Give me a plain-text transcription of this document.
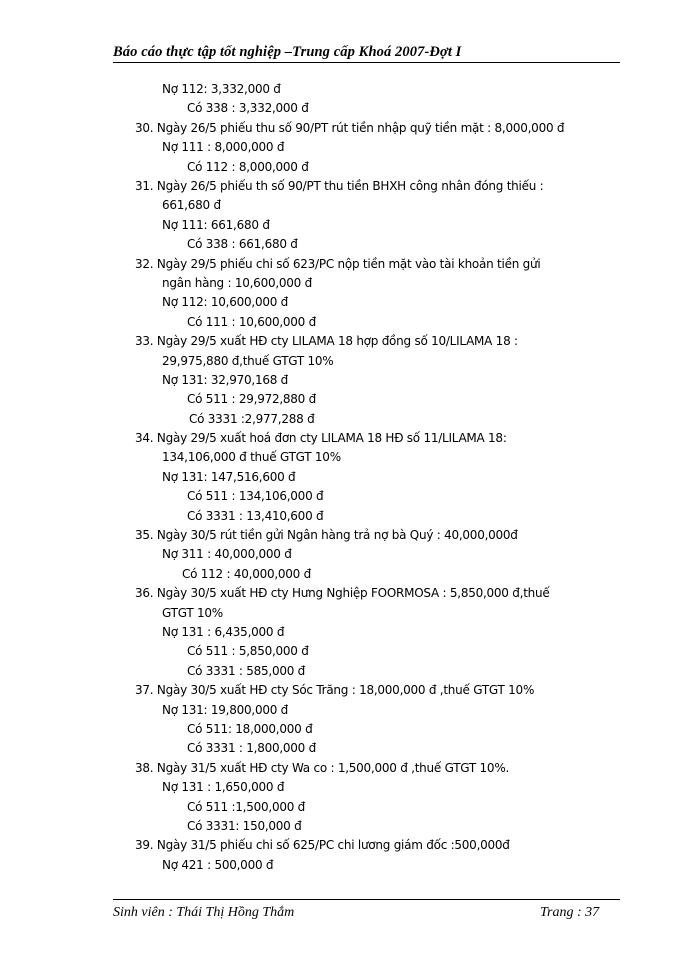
Báo cáo thực tập tốt nghiệp –Trung cấp Khoá 2007-Đợt I
Nợ 112: 3,332,000 đ
Có 338 : 3,332,000 đ
30. Ngày 26/5 phiếu thu số 90/PT rút tiền nhập quỹ tiền mặt : 8,000,000 đ
Nợ 111 : 8,000,000 đ
Có 112 : 8,000,000 đ
31. Ngày 26/5 phiếu th số 90/PT thu tiền BHXH công nhân đóng thiếu :
661,680 đ
Nợ 111: 661,680 đ
Có 338 : 661,680 đ
32. Ngày 29/5 phiếu chi số 623/PC nộp tiền mặt vào tài khoản tiền gửi
ngân hàng : 10,600,000 đ
Nợ 112: 10,600,000 đ
Có 111 : 10,600,000 đ
33. Ngày 29/5 xuất HĐ cty LILAMA 18 hợp đồng số 10/LILAMA 18 :
29,975,880 đ,thuế GTGT 10%
Nợ 131: 32,970,168 đ
Có 511 : 29,972,880 đ
Có 3331 :2,977,288 đ
34. Ngày 29/5 xuất hoá đơn cty LILAMA 18 HĐ số 11/LILAMA 18:
134,106,000 đ thuế GTGT 10%
Nợ 131: 147,516,600 đ
Có 511 : 134,106,000 đ
Có 3331 : 13,410,600 đ
35. Ngày 30/5 rút tiền gửi Ngân hàng trả nợ bà Quý : 40,000,000đ
Nợ 311 : 40,000,000 đ
Có 112 : 40,000,000 đ
36. Ngày 30/5 xuất HĐ cty Hưng Nghiệp FOORMOSA : 5,850,000 đ,thuế
GTGT 10%
Nợ 131 : 6,435,000 đ
Có 511 : 5,850,000 đ
Có 3331 : 585,000 đ
37. Ngày 30/5 xuất HĐ cty Sóc Trăng : 18,000,000 đ ,thuế GTGT 10%
Nợ 131: 19,800,000 đ
Có 511: 18,000,000 đ
Có 3331 : 1,800,000 đ
38. Ngày 31/5 xuất HĐ cty Wa co : 1,500,000 đ ,thuế GTGT 10%.
Nợ 131 : 1,650,000 đ
Có 511 :1,500,000 đ
Có 3331: 150,000 đ
39. Ngày 31/5 phiếu chi số 625/PC chi lương giám đốc :500,000đ
Nợ 421 : 500,000 đ
Sinh viên : Thái Thị Hồng Thắm	Trang : 37
